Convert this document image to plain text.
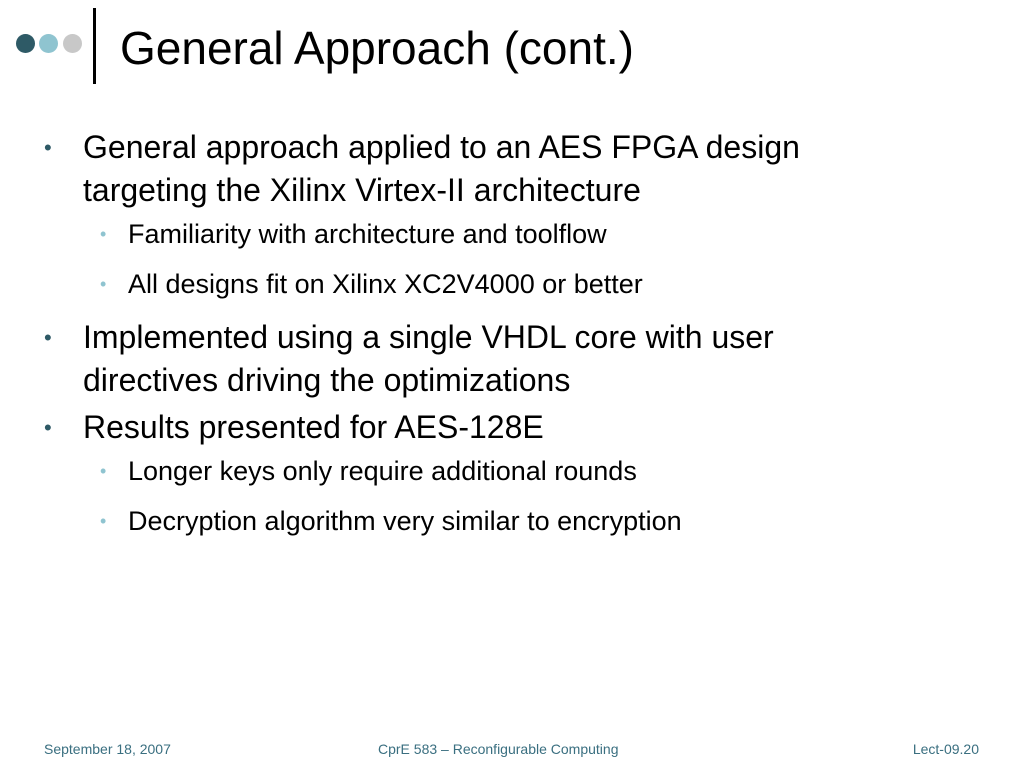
General Approach (cont.)
• General approach applied to an AES FPGA design
targeting the Xilinx Virtex-II architecture
• Familiarity with architecture and toolflow
• All designs fit on Xilinx XC2V4000 or better
• Implemented using a single VHDL core with user
directives driving the optimizations
• Results presented for AES-128E
• Longer keys only require additional rounds
• Decryption algorithm very similar to encryption
September 18, 2007	CprE 583 – Reconfigurable Computing	Lect-09.20
